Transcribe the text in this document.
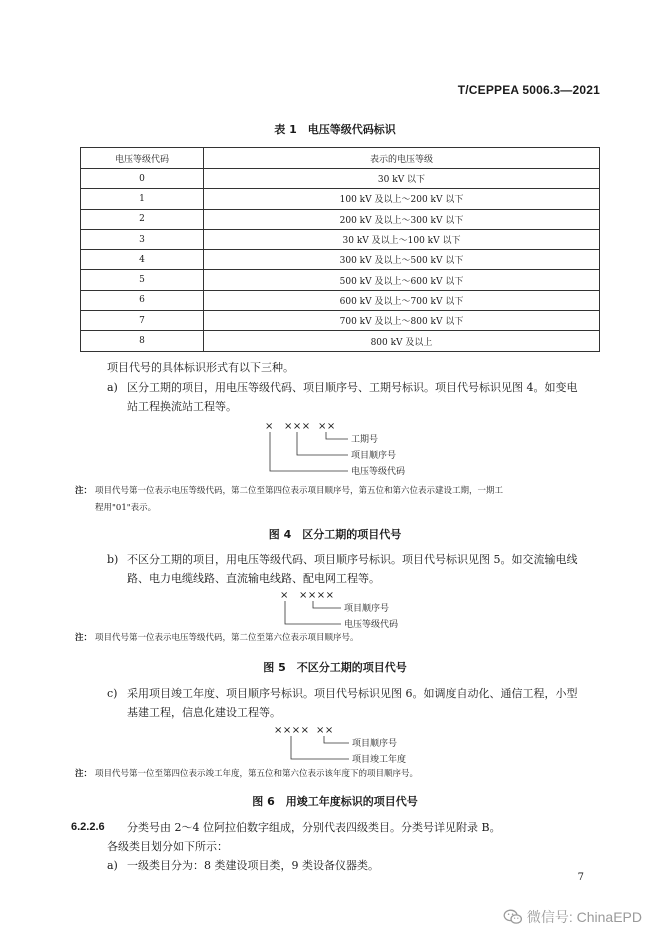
T/CEPPEA 5006.3—2021
表 1　电压等级代码标识
电压等级代码	表示的电压等级
0	30 kV 以下
1	100 kV 及以上～200 kV 以下
2	200 kV 及以上～300 kV 以下
3	30 kV 及以上～100 kV 以下
4	300 kV 及以上～500 kV 以下
5	500 kV 及以上～600 kV 以下
6	600 kV 及以上～700 kV 以下
7	700 kV 及以上～800 kV 以下
8	800 kV 及以上
项目代号的具体标识形式有以下三种。
a) 区分工期的项目，用电压等级代码、项目顺序号、工期号标识。项目代号标识见图 4。如变电
站工程换流站工程等。
× ××× ××
工期号
项目顺序号
电压等级代码
注： 项目代号第一位表示电压等级代码，第二位至第四位表示项目顺序号，第五位和第六位表示建设工期，一期工
程用"01"表示。
图 4　区分工期的项目代号
b) 不区分工期的项目，用电压等级代码、项目顺序号标识。项目代号标识见图 5。如交流输电线
路、电力电缆线路、直流输电线路、配电网工程等。
× ××××
项目顺序号
电压等级代码
注： 项目代号第一位表示电压等级代码，第二位至第六位表示项目顺序号。
图 5　不区分工期的项目代号
c) 采用项目竣工年度、项目顺序号标识。项目代号标识见图 6。如调度自动化、通信工程，小型
基建工程，信息化建设工程等。
×××× ××
项目顺序号
项目竣工年度
注： 项目代号第一位至第四位表示竣工年度，第五位和第六位表示该年度下的项目顺序号。
图 6　用竣工年度标识的项目代号
6.2.2.6 分类号由 2～4 位阿拉伯数字组成，分别代表四级类目。分类号详见附录 B。
各级类目划分如下所示：
a) 一级类目分为：8 类建设项目类，9 类设备仪器类。
7
微信号: ChinaEPD
